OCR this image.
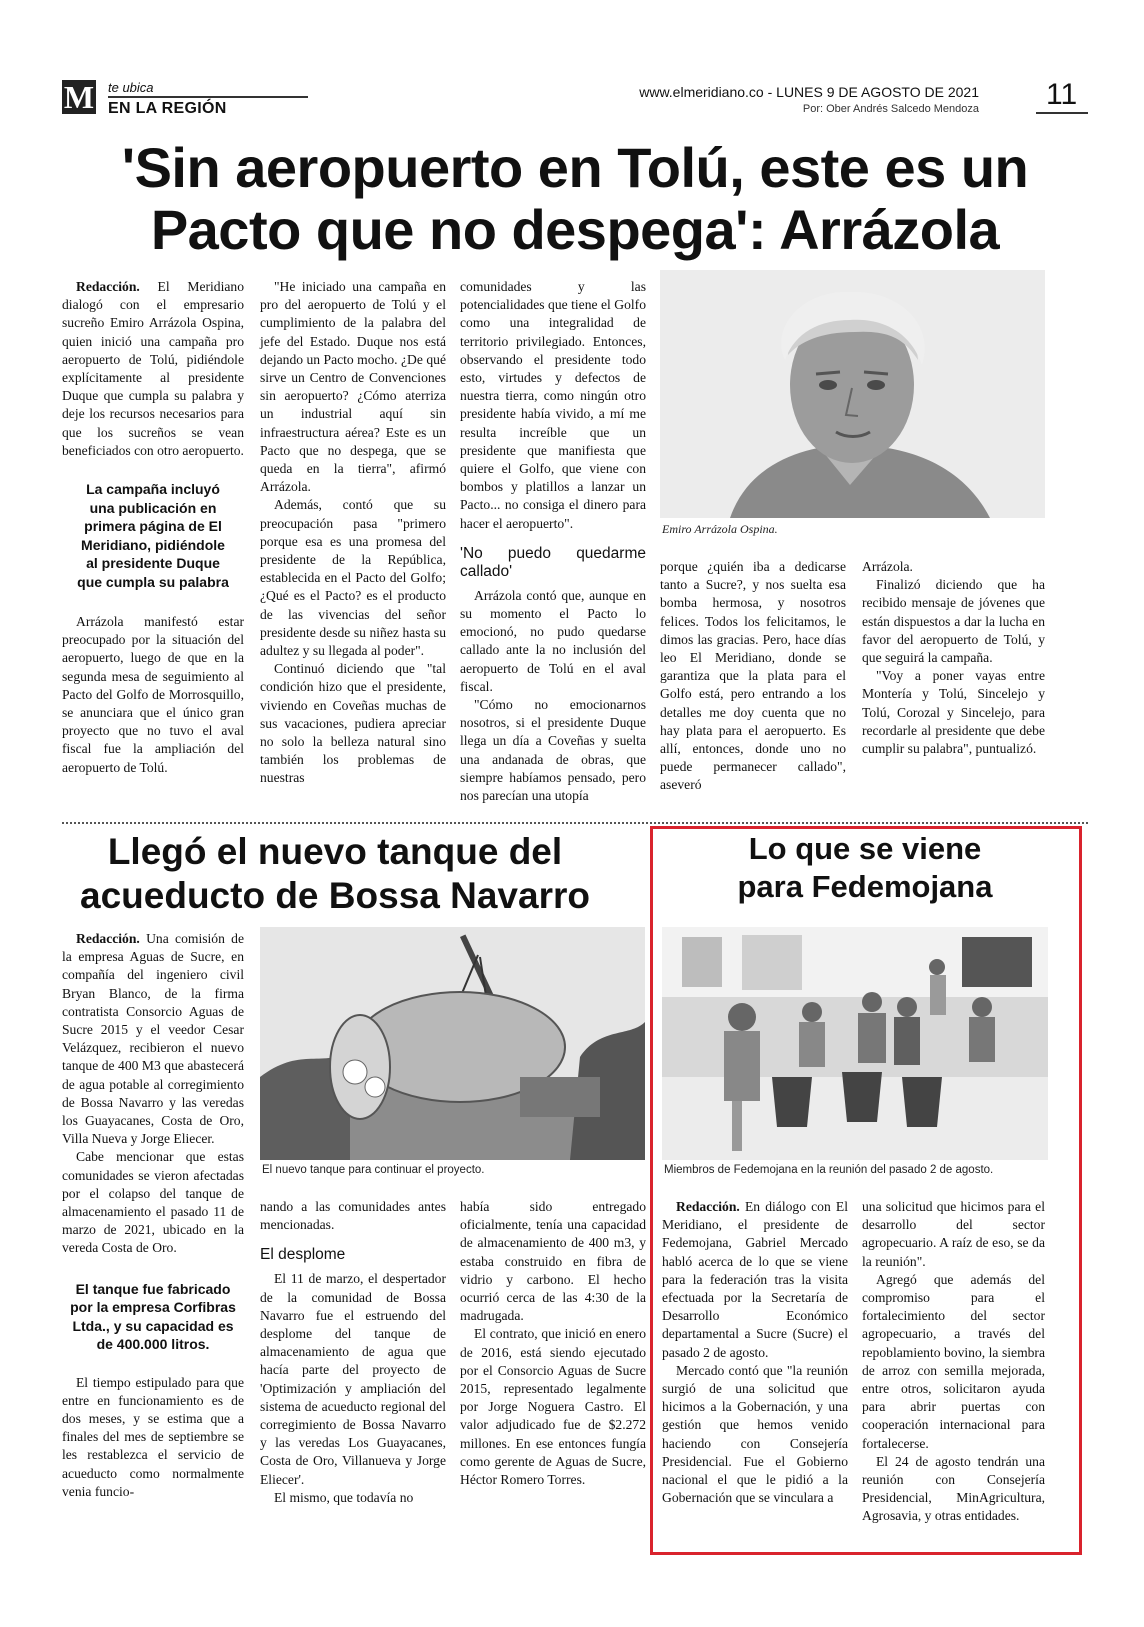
M te ubica
EN LA REGIÓN
www.elmeridiano.co - LUNES 9 DE AGOSTO DE 2021
Por: Ober Andrés Salcedo Mendoza 11
'Sin aeropuerto en Tolú, este es un
Pacto que no despega': Arrázola

Redacción. El Meridiano dialogó con el empresario sucreño Emiro Arrázola Ospina, quien inició una campaña pro aeropuerto de Tolú, pidiéndole explícitamente al presidente Duque que cumpla su palabra y deje los recursos necesarios para que los sucreños se vean beneficiados con otro aeropuerto.

La campaña incluyó una publicación en primera página de El Meridiano, pidiéndole al presidente Duque que cumpla su palabra

Arrázola manifestó estar preocupado por la situación del aeropuerto, luego de que en la segunda mesa de seguimiento al Pacto del Golfo de Morrosquillo, se anunciara que el único gran proyecto que no tuvo el aval fiscal fue la ampliación del aeropuerto de Tolú.

"He iniciado una campaña en pro del aeropuerto de Tolú y el cumplimiento de la palabra del jefe del Estado. Duque nos está dejando un Pacto mocho. ¿De qué sirve un Centro de Convenciones sin aeropuerto? ¿Cómo aterriza un industrial aquí sin infraestructura aérea? Este es un Pacto que no despega, que se queda en la tierra", afirmó Arrázola.

Además, contó que su preocupación pasa "primero porque esa es una promesa del presidente de la República, establecida en el Pacto del Golfo; ¿Qué es el Pacto? es el producto de las vivencias del señor presidente desde su niñez hasta su adultez y su llegada al poder".

Continuó diciendo que "tal condición hizo que el presidente, viviendo en Coveñas muchas de sus vacaciones, pudiera apreciar no solo la belleza natural sino también los problemas de nuestras

comunidades y las potencialidades que tiene el Golfo como una integralidad de territorio privilegiado. Entonces, observando el presidente todo esto, virtudes y defectos de nuestra tierra, como ningún otro presidente había vivido, a mí me resulta increíble que un presidente que manifiesta que quiere el Golfo, que viene con bombos y platillos a lanzar un Pacto... no consiga el dinero para hacer el aeropuerto".

'No puedo quedarme callado'

Arrázola contó que, aunque en su momento el Pacto lo emocionó, no pudo quedarse callado ante la no inclusión del aeropuerto de Tolú en el aval fiscal.

"Cómo no emocionarnos nosotros, si el presidente Duque llega un día a Coveñas y suelta una andanada de obras, que siempre habíamos pensado, pero nos parecían una utopía

Emiro Arrázola Ospina.

porque ¿quién iba a dedicarse tanto a Sucre?, y nos suelta esa bomba hermosa, y nosotros felices. Todos los felicitamos, le dimos las gracias. Pero, hace días leo El Meridiano, donde se garantiza que la plata para el Golfo está, pero entrando a los detalles me doy cuenta que no hay plata para el aeropuerto. Es allí, entonces, donde uno no puede permanecer callado", aseveró

Arrázola.

Finalizó diciendo que ha recibido mensaje de jóvenes que están dispuestos a dar la lucha en favor del aeropuerto de Tolú, y que seguirá la campaña.

"Voy a poner vayas entre Montería y Tolú, Sincelejo y Tolú, Corozal y Sincelejo, para recordarle al presidente que debe cumplir su palabra", puntualizó.

Llegó el nuevo tanque del
acueducto de Bossa Navarro

Redacción. Una comisión de la empresa Aguas de Sucre, en compañía del ingeniero civil Bryan Blanco, de la firma contratista Consorcio Aguas de Sucre 2015 y el veedor Cesar Velázquez, recibieron el nuevo tanque de 400 M3 que abastecerá de agua potable al corregimiento de Bossa Navarro y las veredas los Guayacanes, Costa de Oro, Villa Nueva y Jorge Eliecer.

Cabe mencionar que estas comunidades se vieron afectadas por el colapso del tanque de almacenamiento el pasado 11 de marzo de 2021, ubicado en la vereda Costa de Oro.

El tanque fue fabricado por la empresa Corfibras Ltda., y su capacidad es de 400.000 litros.

El tiempo estipulado para que entre en funcionamiento es de dos meses, y se estima que a finales del mes de septiembre se les restablezca el servicio de acueducto como normalmente venia funcio-

El nuevo tanque para continuar el proyecto.

nando a las comunidades antes mencionadas.

El desplome

El 11 de marzo, el despertador de la comunidad de Bossa Navarro fue el estruendo del desplome del tanque de almacenamiento de agua que hacía parte del proyecto de 'Optimización y ampliación del sistema de acueducto regional del corregimiento de Bossa Navarro y las veredas Los Guayacanes, Costa de Oro, Villanueva y Jorge Eliecer'.

El mismo, que todavía no

había sido entregado oficialmente, tenía una capacidad de almacenamiento de 400 m3, y estaba construido en fibra de vidrio y carbono. El hecho ocurrió cerca de las 4:30 de la madrugada.

El contrato, que inició en enero de 2016, está siendo ejecutado por el Consorcio Aguas de Sucre 2015, representado legalmente por Jorge Noguera Castro. El valor adjudicado fue de $2.272 millones. En ese entonces fungía como gerente de Aguas de Sucre, Héctor Romero Torres.

Lo que se viene
para Fedemojana
Miembros de Fedemojana en la reunión del pasado 2 de agosto.

Redacción. En diálogo con El Meridiano, el presidente de Fedemojana, Gabriel Mercado habló acerca de lo que se viene para la federación tras la visita efectuada por la Secretaría de Desarrollo Económico departamental a Sucre (Sucre) el pasado 2 de agosto.

Mercado contó que "la reunión surgió de una solicitud que hicimos a la Gobernación, y una gestión que hemos venido haciendo con Consejería Presidencial. Fue el Gobierno nacional el que le pidió a la Gobernación que se vinculara a

una solicitud que hicimos para el desarrollo del sector agropecuario. A raíz de eso, se da la reunión".

Agregó que además del compromiso para el fortalecimiento del sector agropecuario, a través del repoblamiento bovino, la siembra de arroz con semilla mejorada, entre otros, solicitaron ayuda para abrir puertas con cooperación internacional para fortalecerse.

El 24 de agosto tendrán una reunión con Consejería Presidencial, MinAgricultura, Agrosavia, y otras entidades.
